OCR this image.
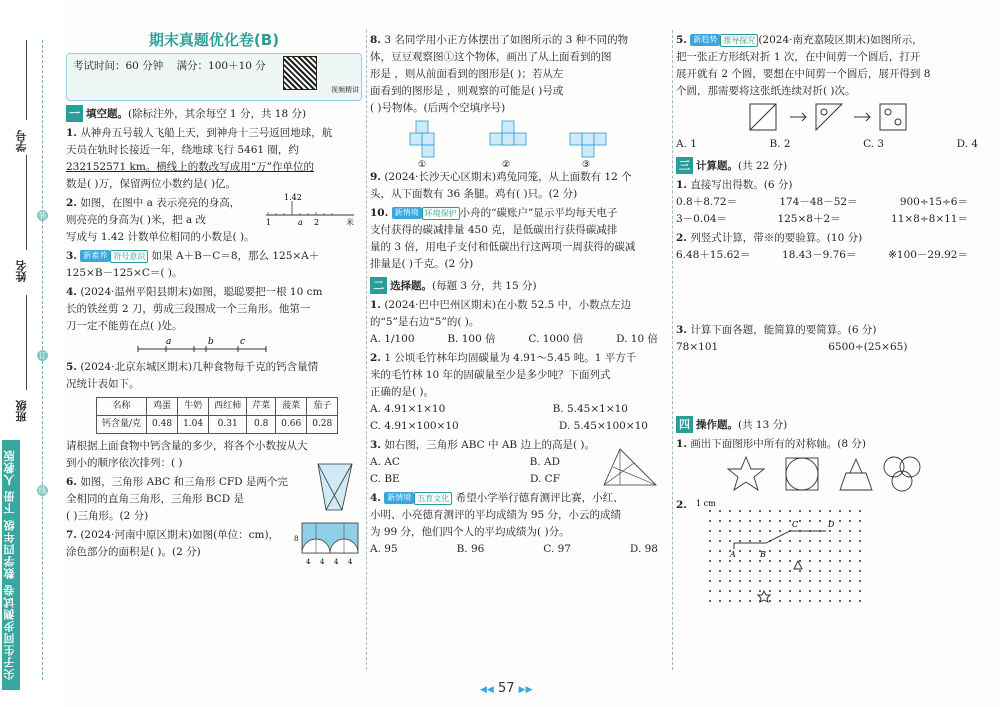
学号
姓名
班级
装
订
线
尖子生同步测试卷 数学四年级 下册 人教版
期末真题优化卷(B)
考试时间：60 分钟 满分：100＋10 分
视频精讲
一 填空题。(除标注外，其余每空 1 分，共 18 分)
1. 从神舟五号载人飞船上天，到神舟十三号返回地球，航
天员在轨时长接近一年，绕地球飞行 5461 圈，约
232152571 km。横线上的数改写成用“万”作单位的
数是( )万，保留两位小数约是( )亿。
2. 如图，在图中 a 表示亮亮的身高，
则亮亮的身高为( )米，把 a 改
写成与 1.42 计数单位相同的小数是( )。
1.42
1	a 2	米
3. 新素养 符号意识 如果 A＋B－C＝8，那么 125×A＋
125×B－125×C＝( )。
4. (2024·温州平阳县期末)如图，聪聪要把一根 10 cm
长的铁丝剪 2 刀，剪成三段围成一个三角形。他第一
刀一定不能剪在点( )处。
a	b	c
5. (2024·北京东城区期末)几种食物每千克的钙含量情
况统计表如下。
名称	鸡蛋	牛奶	西红柿	芹菜	菠菜	茄子
钙含量/克	0.48	1.04	0.31	0.8	0.66	0.28
请根据上面食物中钙含量的多少，将各个小数按从大
到小的顺序依次排列：( )
6. 如图，三角形 ABC 和三角形 CFD 是两个完
全相同的直角三角形，三角形 BCD 是
( )三角形。(2 分)
7. (2024·河南中原区期末)如图(单位：cm)，
涂色部分的面积是( )。(2 分)
8
4 4 4 4
8. 3 名同学用小正方体摆出了如图所示的 3 种不同的物
体，豆豆观察图①这个物体，画出了从上面看到的图
形是 ，则从前面看到的图形是( )；若从左
面看到的图形是 ，则观察的可能是( )号或
( )号物体。(后两个空填序号)
①	②	③
9. (2024·长沙天心区期末)鸡兔同笼，从上面数有 12 个
头，从下面数有 36 条腿。鸡有( )只。(2 分)
10. 新情境 环境保护 小舟的“碳账户”显示平均每天电子
支付获得的碳减排量 450 克，是低碳出行获得碳减排
量的 3 倍，用电子支付和低碳出行这两项一周获得的碳减
排量是( )千克。(2 分)
二 选择题。(每题 3 分，共 15 分)
1. (2024·巴中巴州区期末)在小数 52.5 中，小数点左边
的“5”是右边“5”的( )。
A. 1/100	B. 100 倍	C. 1000 倍	D. 10 倍
2. 1 公顷毛竹林年均固碳量为 4.91～5.45 吨。1 平方千
米的毛竹林 10 年的固碳量至少是多少吨？下面列式
正确的是( )。
A. 4.91×1×10	B. 5.45×1×10
C. 4.91×100×10	D. 5.45×100×10
3. 如右图，三角形 ABC 中 AB 边上的高是( )。
A. AC	B. AD
C. BE	D. CF
4. 新情境 五育文化 希望小学举行德育测评比赛，小红、
小明、小亮德育测评的平均成绩为 95 分，小云的成绩
为 99 分，他们四个人的平均成绩为( )分。
A. 95	B. 96	C. 97	D. 98
5. 新趋势 推导探究 (2024·南充嘉陵区期末)如图所示，
把一张正方形纸对折 1 次，在中间剪一个圆后，打开
展开就有 2 个圆，要想在中间剪一个圆后，展开得到 8
个圆，那需要将这张纸连续对折( )次。
A. 1	B. 2	C. 3	D. 4
三 计算题。(共 22 分)
1. 直接写出得数。(6 分)
0.8＋8.72＝	174－48－52＝	900÷15÷6＝
3－0.04＝	125×8＋2＝	11×8÷8×11＝
2. 列竖式计算，带※的要验算。(10 分)
6.48＋15.62＝	18.43－9.76＝	※100－29.92＝
3. 计算下面各题，能简算的要简算。(6 分)
78×101	6500÷(25×65)
四 操作题。(共 13 分)
1. 画出下面图形中所有的对称轴。(8 分)
2. 1 cm
A	B
C	D
◀◀ 57 ▶▶
